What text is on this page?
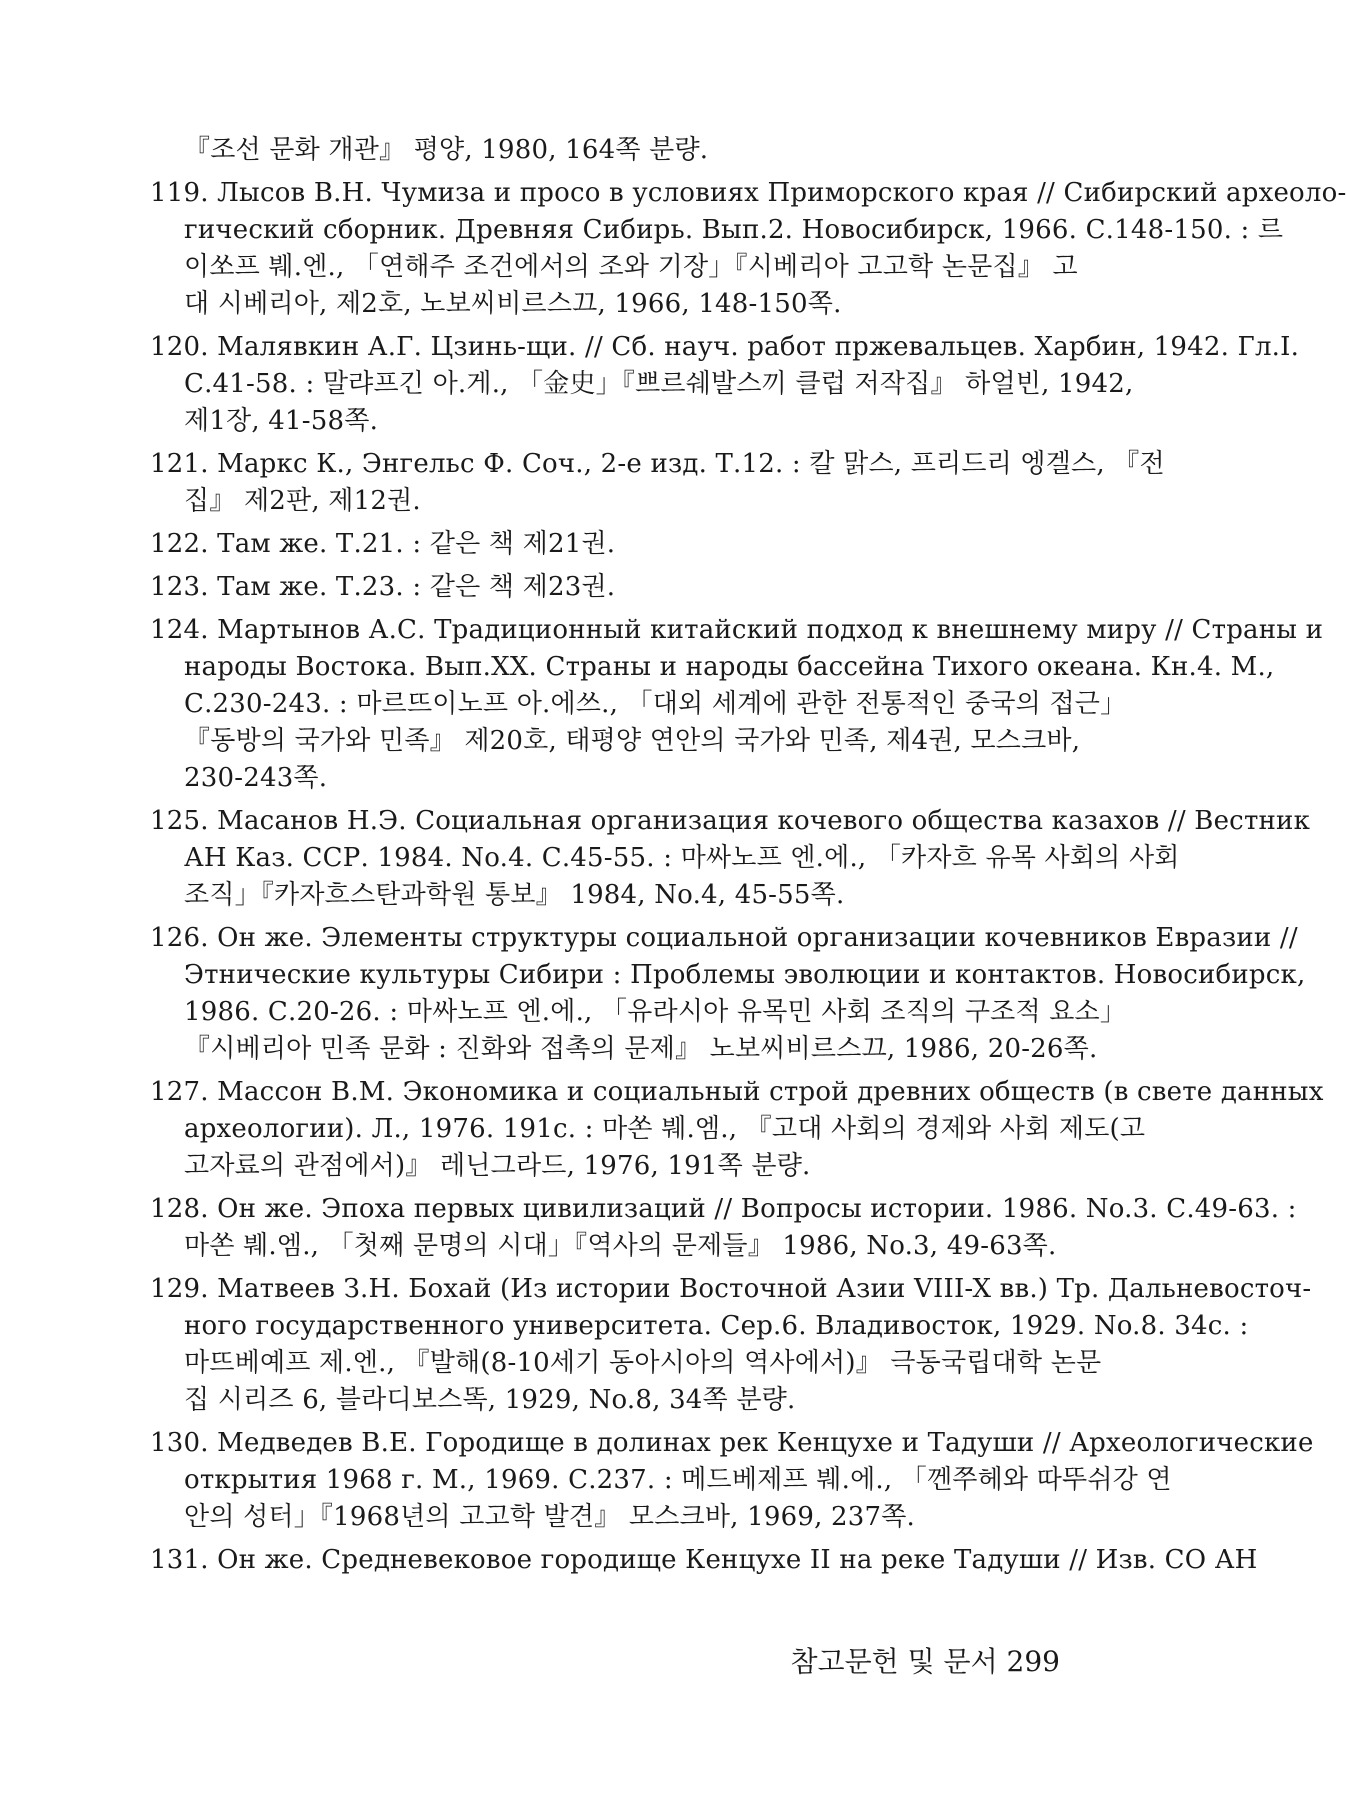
『조선 문화 개관』 평양, 1980, 164쪽 분량.
119. Лысов В.Н. Чумиза и просо в условиях Приморского края // Сибирский археоло-
гический сборник. Древняя Сибирь. Вып.2. Новосибирск, 1966. С.148-150. : 르
이쏘프 붸.엔., 「연해주 조건에서의 조와 기장」『시베리아 고고학 논문집』 고
대 시베리아, 제2호, 노보씨비르스끄, 1966, 148-150쪽.
120. Малявкин А.Г. Цзинь-щи. // Сб. науч. работ пржевальцев. Харбин, 1942. Гл.I.
С.41-58. : 말랴프긴 아.게., 「金史」『쁘르쉐발스끼 클럽 저작집』 하얼빈, 1942,
제1장, 41-58쪽.
121. Маркс К., Энгельс Ф. Соч., 2-е изд. Т.12. : 칼 맑스, 프리드리 엥겔스, 『전
집』 제2판, 제12권.
122. Там же. Т.21. : 같은 책 제21권.
123. Там же. Т.23. : 같은 책 제23권.
124. Мартынов А.С. Традиционный китайский подход к внешнему миру // Страны и
народы Востока. Вып.XX. Страны и народы бассейна Тихого океана. Кн.4. М.,
С.230-243. : 마르뜨이노프 아.에쓰., 「대외 세계에 관한 전통적인 중국의 접근」
『동방의 국가와 민족』 제20호, 태평양 연안의 국가와 민족, 제4권, 모스크바,
230-243쪽.
125. Масанов Н.Э. Социальная организация кочевого общества казахов // Вестник
АН Каз. ССР. 1984. No.4. С.45-55. : 마싸노프 엔.에., 「카자흐 유목 사회의 사회
조직」『카자흐스탄과학원 통보』 1984, No.4, 45-55쪽.
126. Он же. Элементы структуры социальной организации кочевников Евразии //
Этнические культуры Сибири : Проблемы эволюции и контактов. Новосибирск,
1986. С.20-26. : 마싸노프 엔.에., 「유라시아 유목민 사회 조직의 구조적 요소」
『시베리아 민족 문화 : 진화와 접촉의 문제』 노보씨비르스끄, 1986, 20-26쪽.
127. Массон В.М. Экономика и социальный строй древних обществ (в свете данных
археологии). Л., 1976. 191с. : 마쏜 붸.엠., 『고대 사회의 경제와 사회 제도(고
고자료의 관점에서)』 레닌그라드, 1976, 191쪽 분량.
128. Он же. Эпоха первых цивилизаций // Вопросы истории. 1986. No.3. С.49-63. :
마쏜 붸.엠., 「첫째 문명의 시대」『역사의 문제들』 1986, No.3, 49-63쪽.
129. Матвеев З.Н. Бохай (Из истории Восточной Азии VIII-X вв.) Тр. Дальневосточ-
ного государственного университета. Сер.6. Владивосток, 1929. No.8. 34с. :
마뜨베예프 제.엔., 『발해(8-10세기 동아시아의 역사에서)』 극동국립대학 논문
집 시리즈 6, 블라디보스똑, 1929, No.8, 34쪽 분량.
130. Медведев В.Е. Городище в долинах рек Кенцухе и Тадуши // Археологические
открытия 1968 г. М., 1969. С.237. : 메드베제프 붸.에., 「껜쭈헤와 따뚜쉬강 연
안의 성터」『1968년의 고고학 발견』 모스크바, 1969, 237쪽.
131. Он же. Средневековое городище Кенцухе II на реке Тадуши // Изв. СО АН
참고문헌 및 문서 299
